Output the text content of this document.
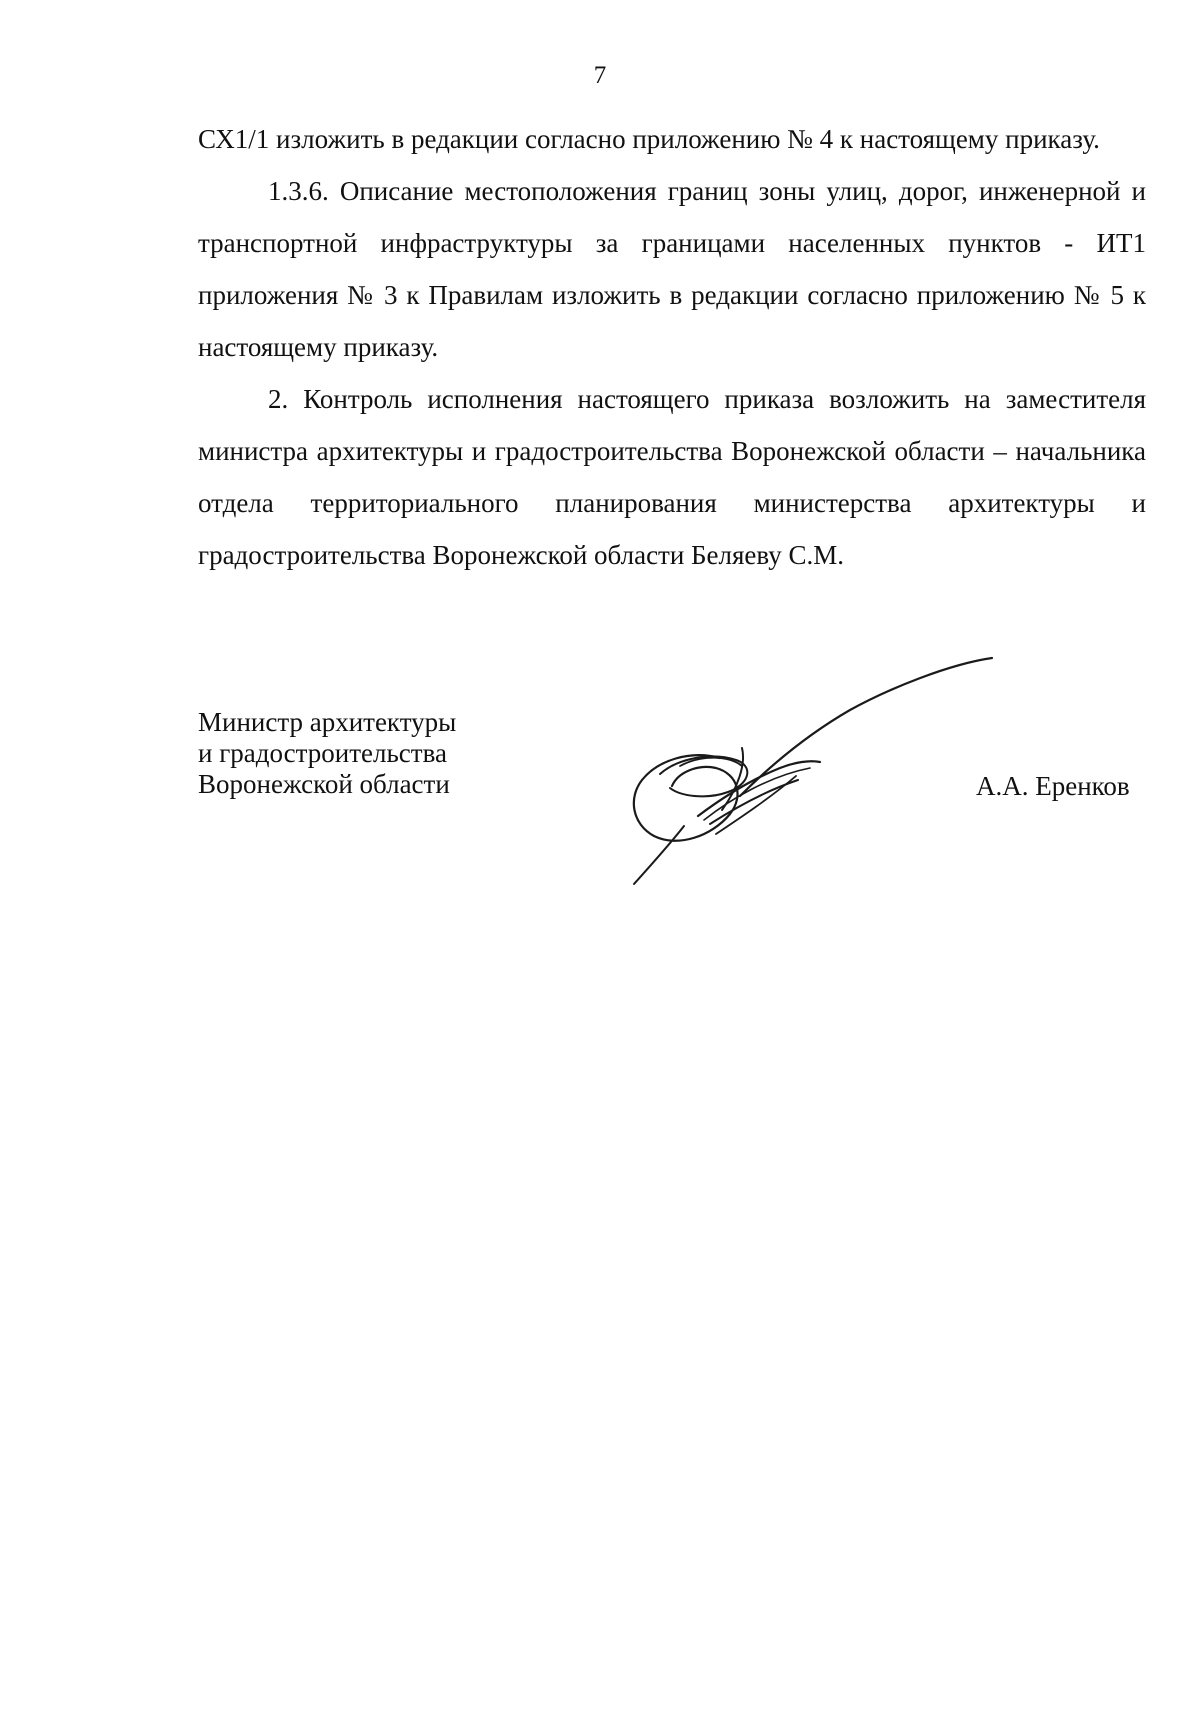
7

СХ1/1 изложить в редакции согласно приложению № 4 к настоящему приказу.

1.3.6. Описание местоположения границ зоны улиц, дорог, инженерной и транспортной инфраструктуры за границами населенных пунктов - ИТ1 приложения № 3 к Правилам изложить в редакции согласно приложению № 5 к настоящему приказу.

2. Контроль исполнения настоящего приказа возложить на заместителя министра архитектуры и градостроительства Воронежской области – начальника отдела территориального планирования министерства архитектуры и градостроительства Воронежской области Беляеву С.М.

Министр архитектуры
и градостроительства
Воронежской области	А.А. Еренков
